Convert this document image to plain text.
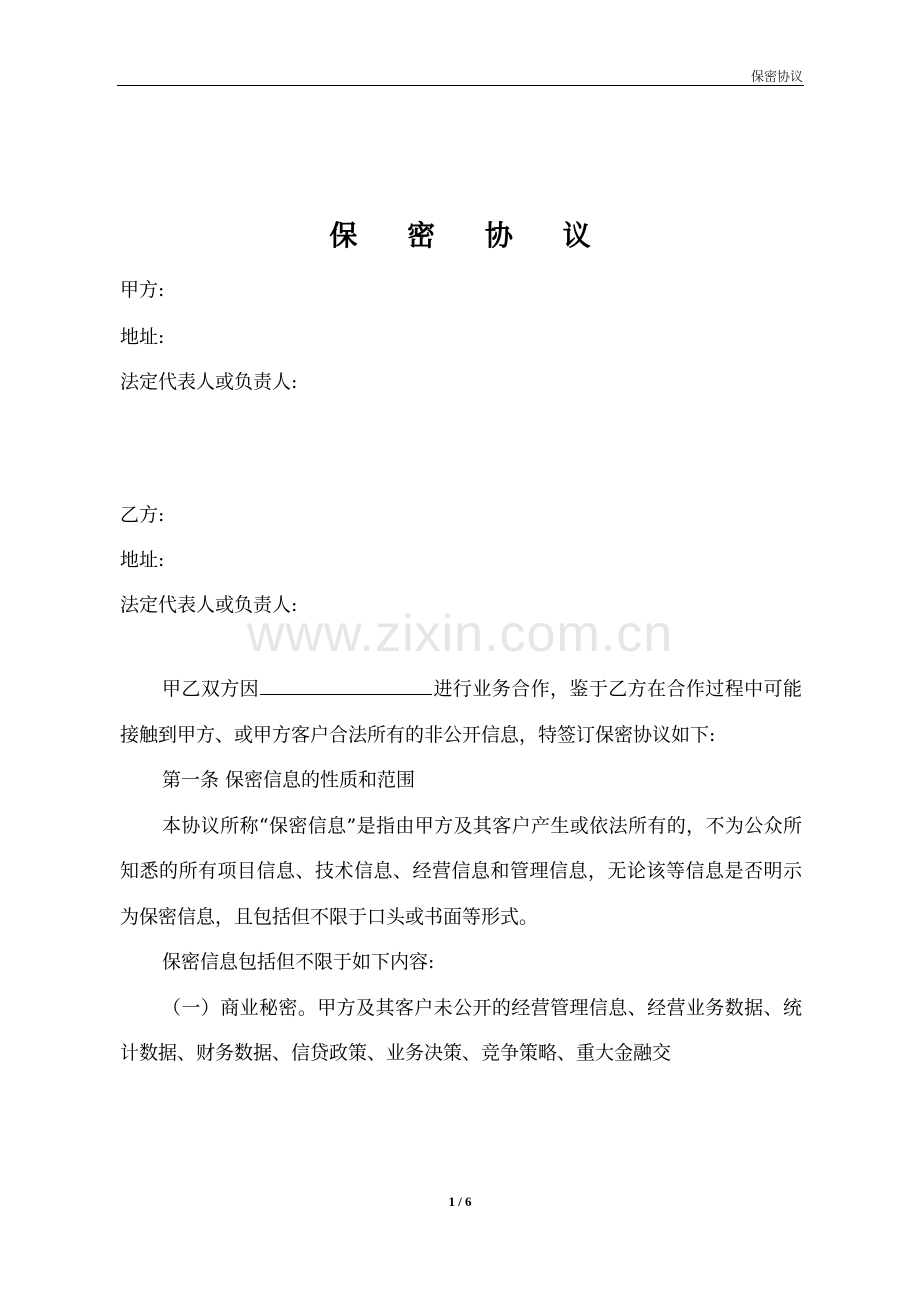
保密协议
保 密 协 议
甲方:
地址:
法定代表人或负责人:
乙方:
地址:
法定代表人或负责人:
www.zixin.com.cn

甲乙双方因	进行业务合作，鉴于乙方在合作过程中可能接触到甲方、或甲方客户合法所有的非公开信息，特签订保密协议如下:

第一条 保密信息的性质和范围

本协议所称“保密信息”是指由甲方及其客户产生或依法所有的，不为公众所知悉的所有项目信息、技术信息、经营信息和管理信息，无论该等信息是否明示为保密信息，且包括但不限于口头或书面等形式。

保密信息包括但不限于如下内容:

（一）商业秘密。甲方及其客户未公开的经营管理信息、经营业务数据、统计数据、财务数据、信贷政策、业务决策、竞争策略、重大金融交

1 / 6
